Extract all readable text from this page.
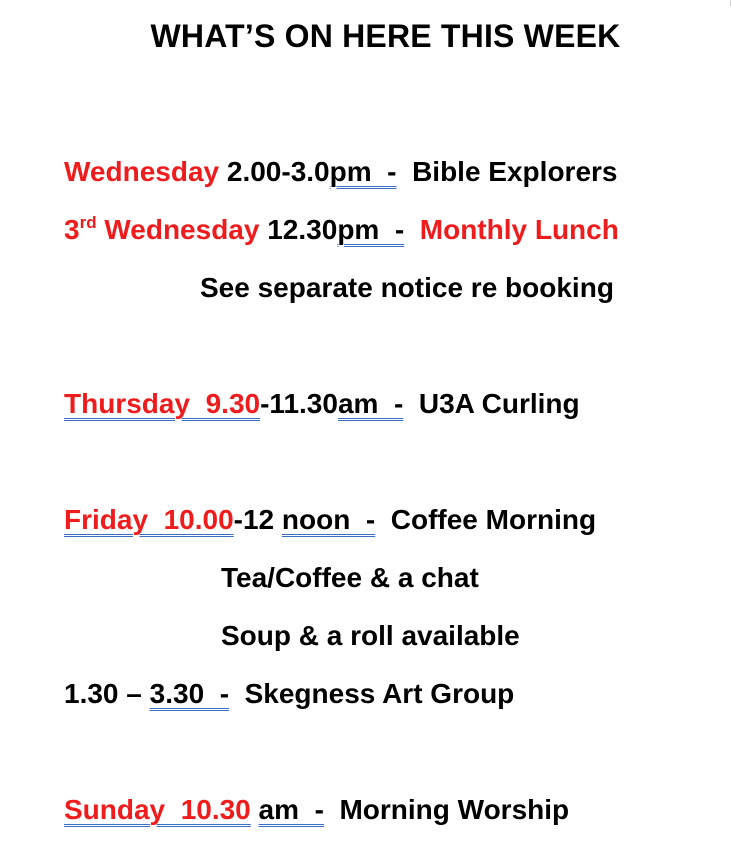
WHAT’S ON HERE THIS WEEK
Wednesday 2.00-3.0pm  -  Bible Explorers
3rd Wednesday 12.30pm  -  Monthly Lunch
See separate notice re booking
Thursday  9.30-11.30am  -  U3A Curling
Friday  10.00-12 noon  -  Coffee Morning
Tea/Coffee & a chat
Soup & a roll available
1.30 – 3.30  -  Skegness Art Group
Sunday  10.30 am  -  Morning Worship
